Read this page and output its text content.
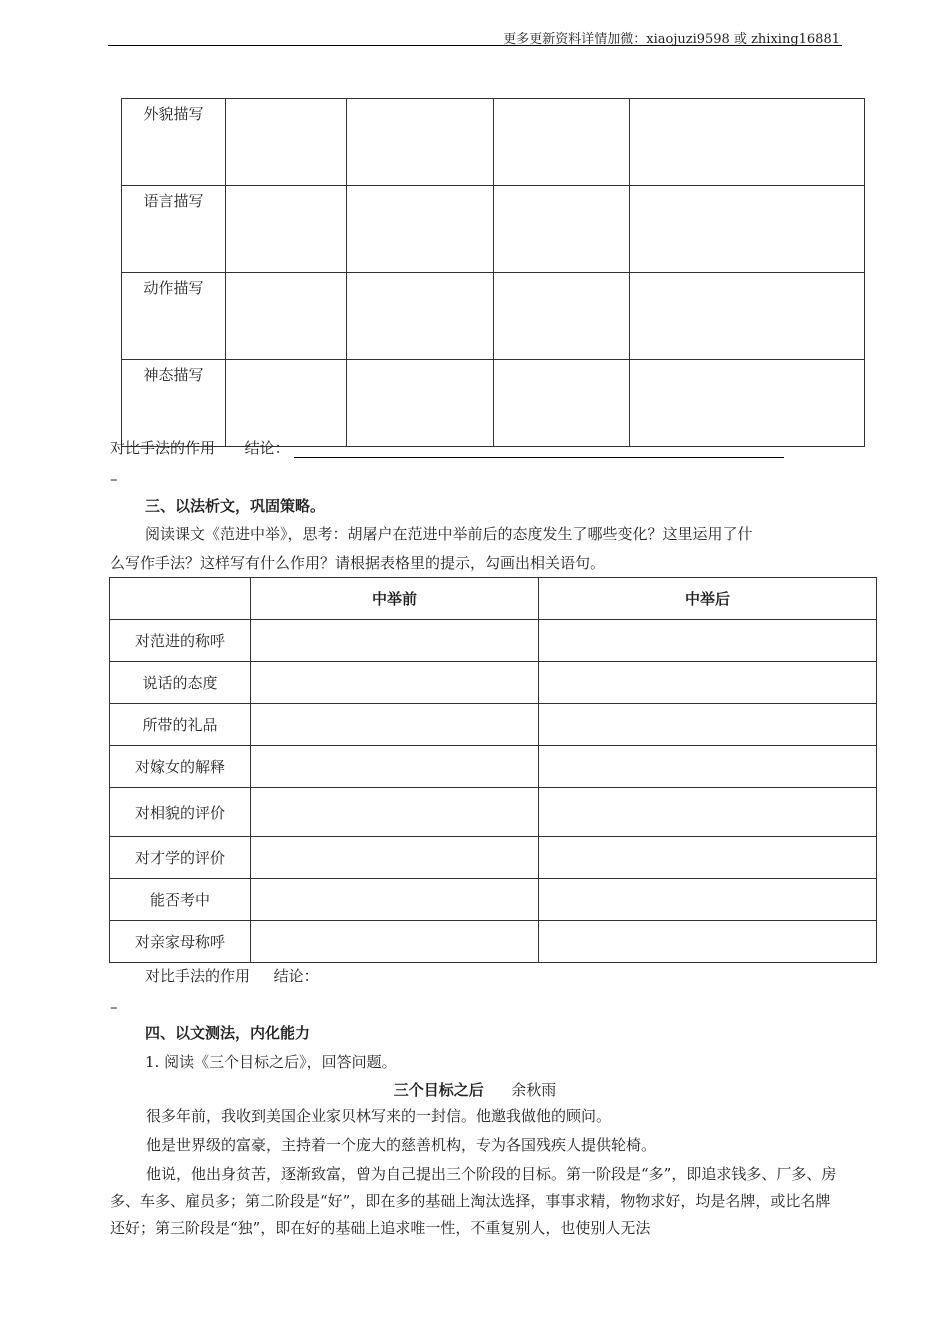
更多更新资料详情加微：xiaojuzi9598 或 zhixing16881
外貌描写				
语言描写				
动作描写				
神态描写				
对比手法的作用 结论：
–
三、以法析文，巩固策略。
阅读课文《范进中举》，思考：胡屠户在范进中举前后的态度发生了哪些变化？这里运用了什
么写作手法？这样写有什么作用？请根据表格里的提示，勾画出相关语句。
	中举前	中举后
对范进的称呼		
说话的态度		
所带的礼品		
对嫁女的解释		
对相貌的评价		
对才学的评价		
能否考中		
对亲家母称呼		
对比手法的作用 结论：
–
四、以文测法，内化能力
1. 阅读《三个目标之后》，回答问题。
三个目标之后 余秋雨
很多年前，我收到美国企业家贝林写来的一封信。他邀我做他的顾问。
他是世界级的富豪，主持着一个庞大的慈善机构，专为各国残疾人提供轮椅。
他说，他出身贫苦，逐渐致富，曾为自己提出三个阶段的目标。第一阶段是“多”，即追求钱多、厂多、房多、车多、雇员多；第二阶段是“好”，即在多的基础上淘汰选择，事事求精，物物求好，均是名牌，或比名牌还好；第三阶段是“独”，即在好的基础上追求唯一性，不重复别人，也使别人无法
